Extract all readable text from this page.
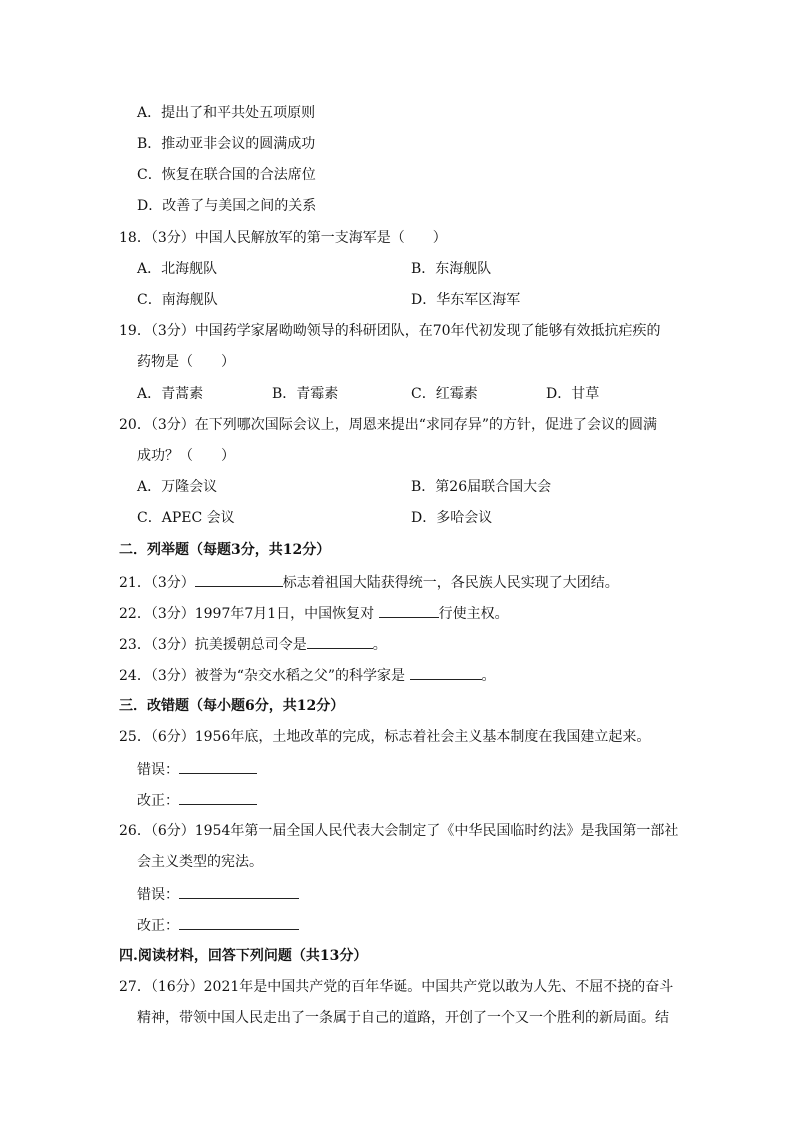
A．提出了和平共处五项原则
B．推动亚非会议的圆满成功
C．恢复在联合国的合法席位
D．改善了与美国之间的关系
18．（3分）中国人民解放军的第一支海军是（　　）
A．北海舰队	B．东海舰队
C．南海舰队	D．华东军区海军
19．（3分）中国药学家屠呦呦领导的科研团队，在70年代初发现了能够有效抵抗疟疾的
药物是（　　）
A．青蒿素	B．青霉素	C．红霉素	D．甘草
20．（3分）在下列哪次国际会议上，周恩来提出“求同存异”的方针，促进了会议的圆满
成功？（　　）
A．万隆会议	B．第26届联合国大会
C．APEC 会议	D．多哈会议
二．列举题（每题3分，共12分）
21．（3分）	标志着祖国大陆获得统一，各民族人民实现了大团结。
22．（3分）1997年7月1日，中国恢复对	行使主权。
23．（3分）抗美援朝总司令是	。
24．（3分）被誉为“杂交水稻之父”的科学家是	。
三．改错题（每小题6分，共12分）
25．（6分）1956年底，土地改革的完成，标志着社会主义基本制度在我国建立起来。
错误：
改正：
26．（6分）1954年第一届全国人民代表大会制定了《中华民国临时约法》是我国第一部社
会主义类型的宪法。
错误：
改正：
四.阅读材料，回答下列问题（共13分）
27．（16分）2021年是中国共产党的百年华诞。中国共产党以敢为人先、不屈不挠的奋斗
精神，带领中国人民走出了一条属于自己的道路，开创了一个又一个胜利的新局面。结
